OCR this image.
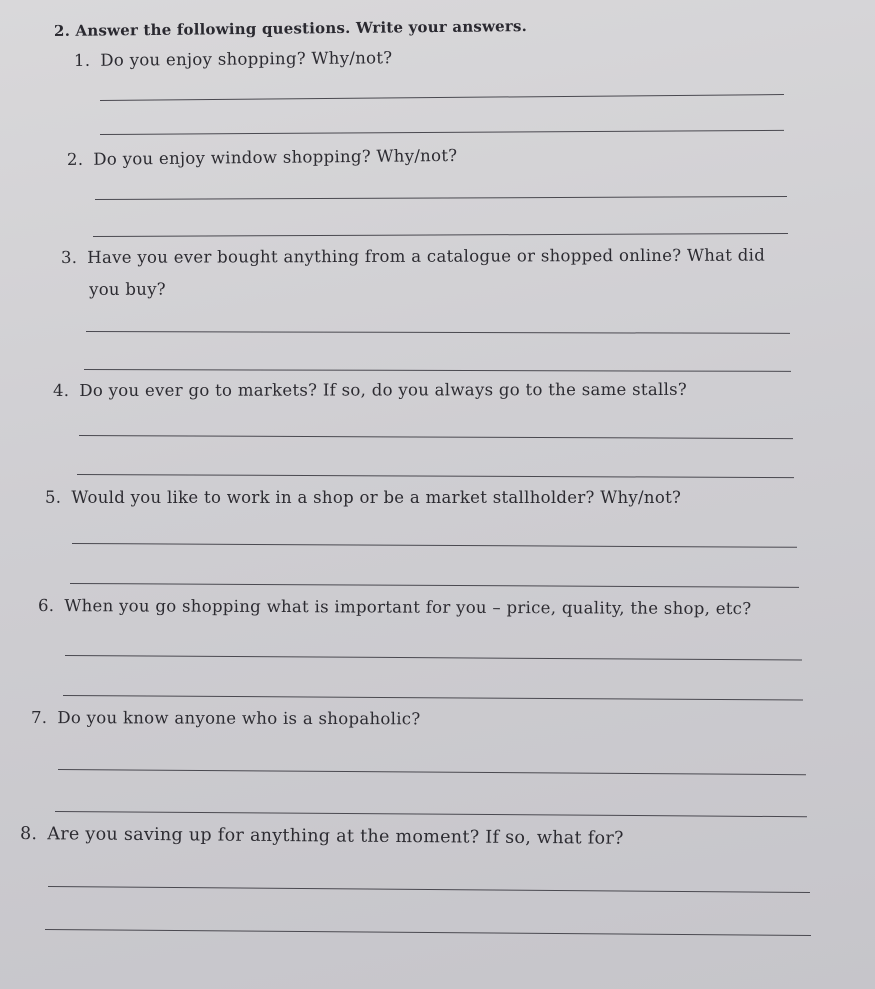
2. Answer the following questions. Write your answers.
1. Do you enjoy shopping? Why/not?
2. Do you enjoy window shopping? Why/not?
3. Have you ever bought anything from a catalogue or shopped online? What did
you buy?
4. Do you ever go to markets? If so, do you always go to the same stalls?
5. Would you like to work in a shop or be a market stallholder? Why/not?
6. When you go shopping what is important for you – price, quality, the shop, etc?
7. Do you know anyone who is a shopaholic?
8. Are you saving up for anything at the moment? If so, what for?
